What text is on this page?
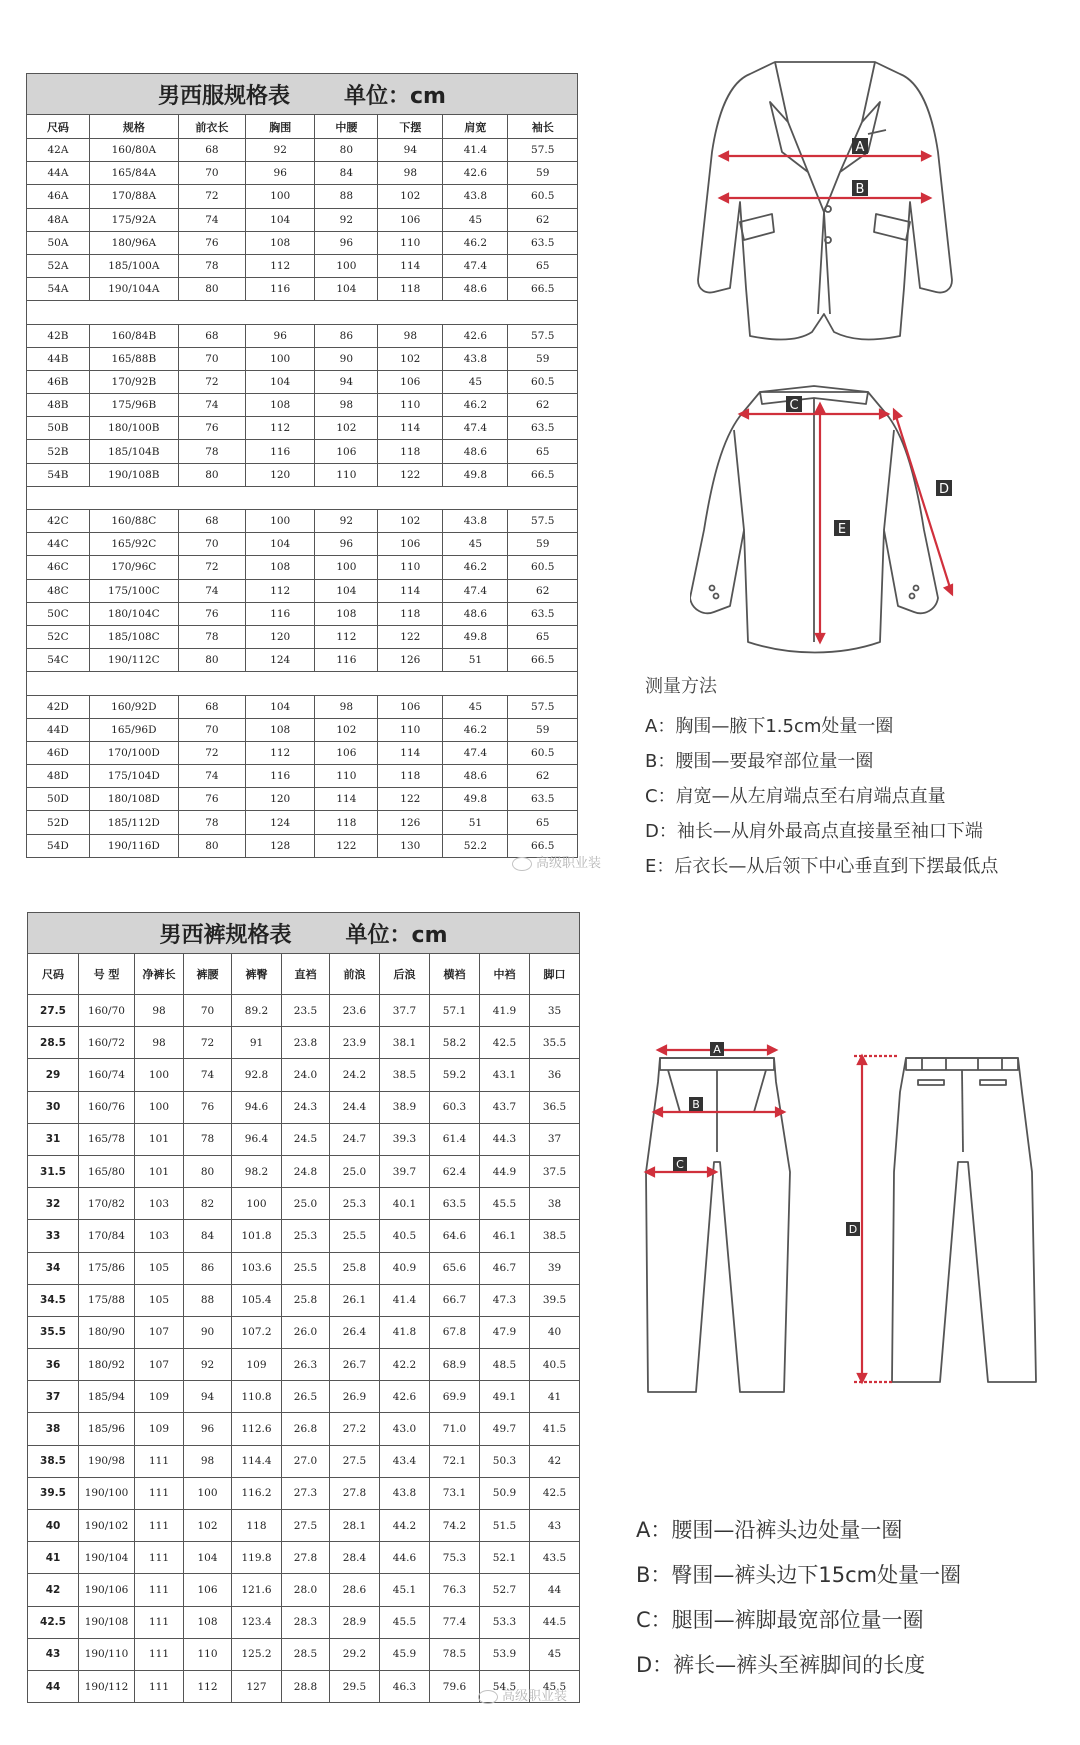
男西服规格表 单位：cm							
尺码	规格	前衣长	胸围	中腰	下摆	肩宽	袖长
42A	160/80A	68	92	80	94	41.4	57.5
44A	165/84A	70	96	84	98	42.6	59
46A	170/88A	72	100	88	102	43.8	60.5
48A	175/92A	74	104	92	106	45	62
50A	180/96A	76	108	96	110	46.2	63.5
52A	185/100A	78	112	100	114	47.4	65
54A	190/104A	80	116	104	118	48.6	66.5

42B	160/84B	68	96	86	98	42.6	57.5
44B	165/88B	70	100	90	102	43.8	59
46B	170/92B	72	104	94	106	45	60.5
48B	175/96B	74	108	98	110	46.2	62
50B	180/100B	76	112	102	114	47.4	63.5
52B	185/104B	78	116	106	118	48.6	65
54B	190/108B	80	120	110	122	49.8	66.5

42C	160/88C	68	100	92	102	43.8	57.5
44C	165/92C	70	104	96	106	45	59
46C	170/96C	72	108	100	110	46.2	60.5
48C	175/100C	74	112	104	114	47.4	62
50C	180/104C	76	116	108	118	48.6	63.5
52C	185/108C	78	120	112	122	49.8	65
54C	190/112C	80	124	116	126	51	66.5

42D	160/92D	68	104	98	106	45	57.5
44D	165/96D	70	108	102	110	46.2	59
46D	170/100D	72	112	106	114	47.4	60.5
48D	175/104D	74	116	110	118	48.6	62
50D	180/108D	76	120	114	122	49.8	63.5
52D	185/112D	78	124	118	126	51	65
54D	190/116D	80	128	122	130	52.2	66.5
男西裤规格表 单位：cm										
尺码	号 型	净裤长	裤腰	裤臀	直裆	前浪	后浪	横裆	中裆	脚口
27.5	160/70	98	70	89.2	23.5	23.6	37.7	57.1	41.9	35
28.5	160/72	98	72	91	23.8	23.9	38.1	58.2	42.5	35.5
29	160/74	100	74	92.8	24.0	24.2	38.5	59.2	43.1	36
30	160/76	100	76	94.6	24.3	24.4	38.9	60.3	43.7	36.5
31	165/78	101	78	96.4	24.5	24.7	39.3	61.4	44.3	37
31.5	165/80	101	80	98.2	24.8	25.0	39.7	62.4	44.9	37.5
32	170/82	103	82	100	25.0	25.3	40.1	63.5	45.5	38
33	170/84	103	84	101.8	25.3	25.5	40.5	64.6	46.1	38.5
34	175/86	105	86	103.6	25.5	25.8	40.9	65.6	46.7	39
34.5	175/88	105	88	105.4	25.8	26.1	41.4	66.7	47.3	39.5
35.5	180/90	107	90	107.2	26.0	26.4	41.8	67.8	47.9	40
36	180/92	107	92	109	26.3	26.7	42.2	68.9	48.5	40.5
37	185/94	109	94	110.8	26.5	26.9	42.6	69.9	49.1	41
38	185/96	109	96	112.6	26.8	27.2	43.0	71.0	49.7	41.5
38.5	190/98	111	98	114.4	27.0	27.5	43.4	72.1	50.3	42
39.5	190/100	111	100	116.2	27.3	27.8	43.8	73.1	50.9	42.5
40	190/102	111	102	118	27.5	28.1	44.2	74.2	51.5	43
41	190/104	111	104	119.8	27.8	28.4	44.6	75.3	52.1	43.5
42	190/106	111	106	121.6	28.0	28.6	45.1	76.3	52.7	44
42.5	190/108	111	108	123.4	28.3	28.9	45.5	77.4	53.3	44.5
43	190/110	111	110	125.2	28.5	29.2	45.9	78.5	53.9	45
44	190/112	111	112	127	28.8	29.5	46.3	79.6	54.5	45.5
A
B
C
D
E
测量方法
A：胸围—腋下1.5cm处量一圈
B：腰围—要最窄部位量一圈
C：肩宽—从左肩端点至右肩端点直量
D：袖长—从肩外最高点直接量至袖口下端
E：后衣长—从后领下中心垂直到下摆最低点
A
B
C
D
A：腰围—沿裤头边处量一圈
B：臀围—裤头边下15cm处量一圈
C：腿围—裤脚最宽部位量一圈
D：裤长—裤头至裤脚间的长度
高级职业装
高级职业装
